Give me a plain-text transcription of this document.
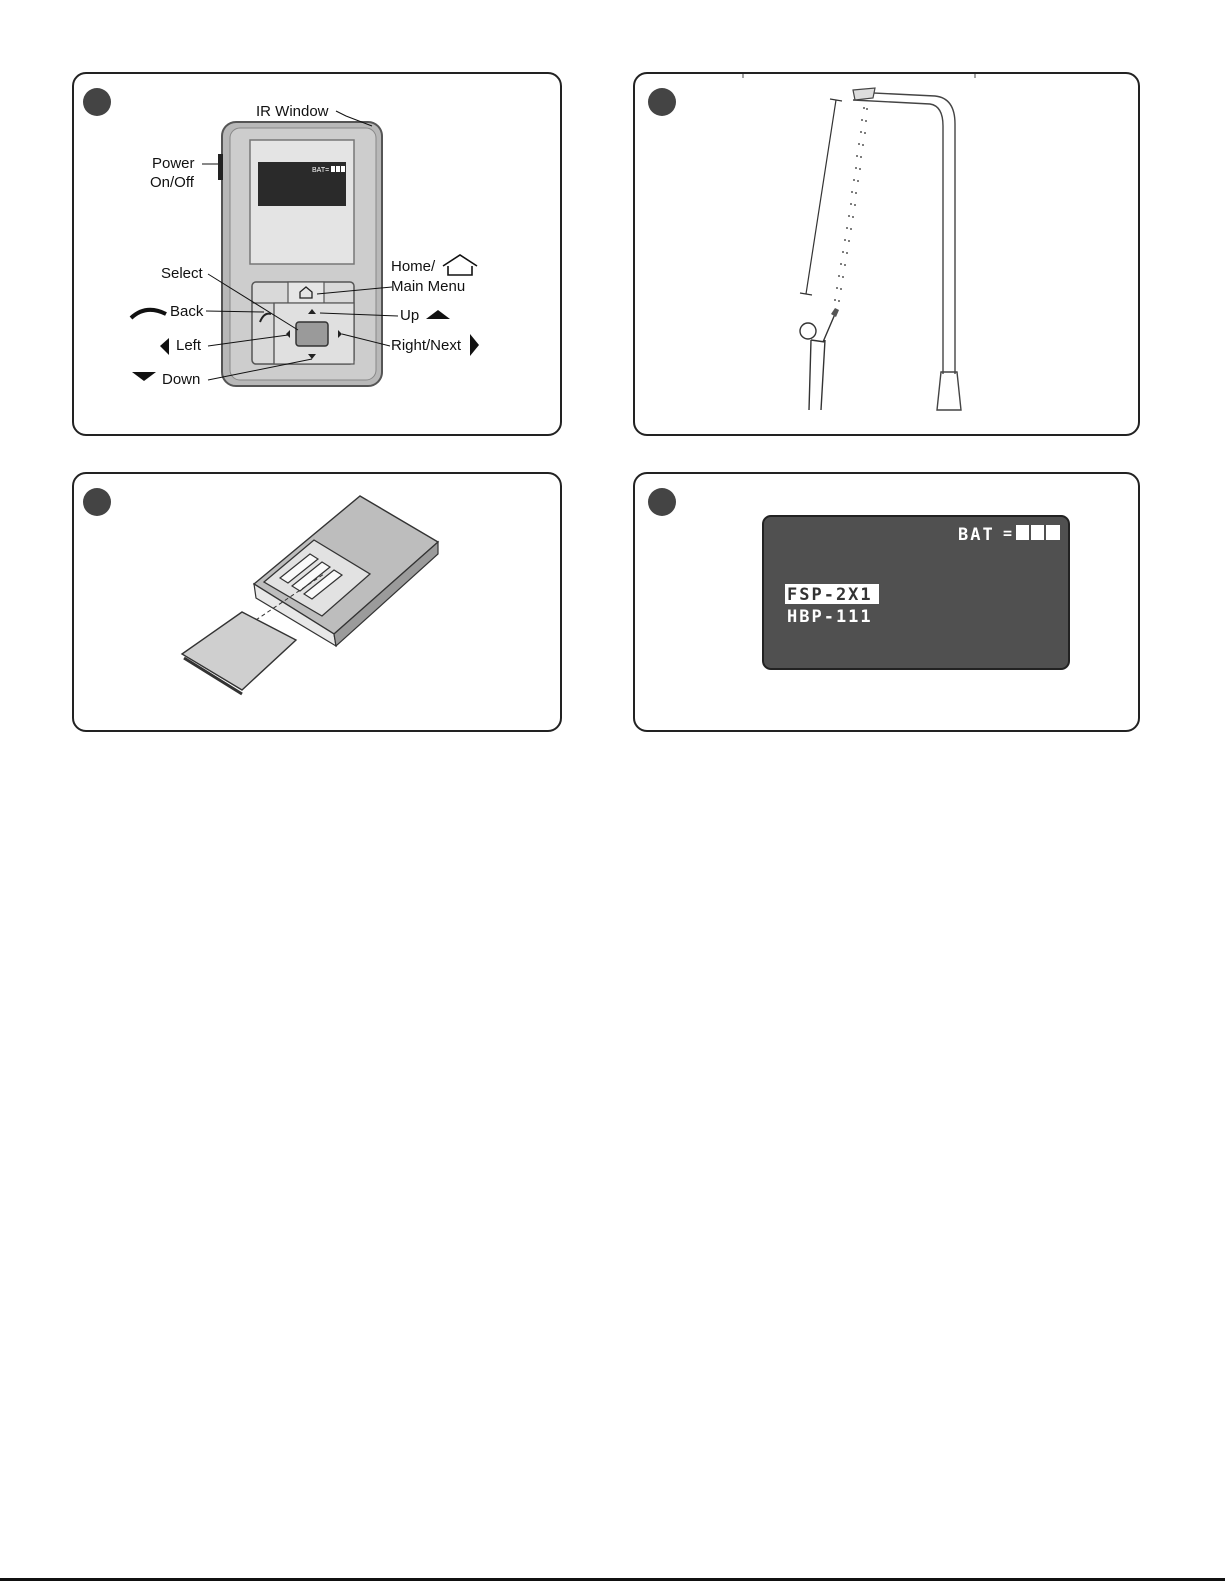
BAT=
IR Window
Power
On/Off
Select
Back
Left
Down
Home/
Main Menu
Up
Right/Next
BAT =
FSP-2X1
HBP-111
